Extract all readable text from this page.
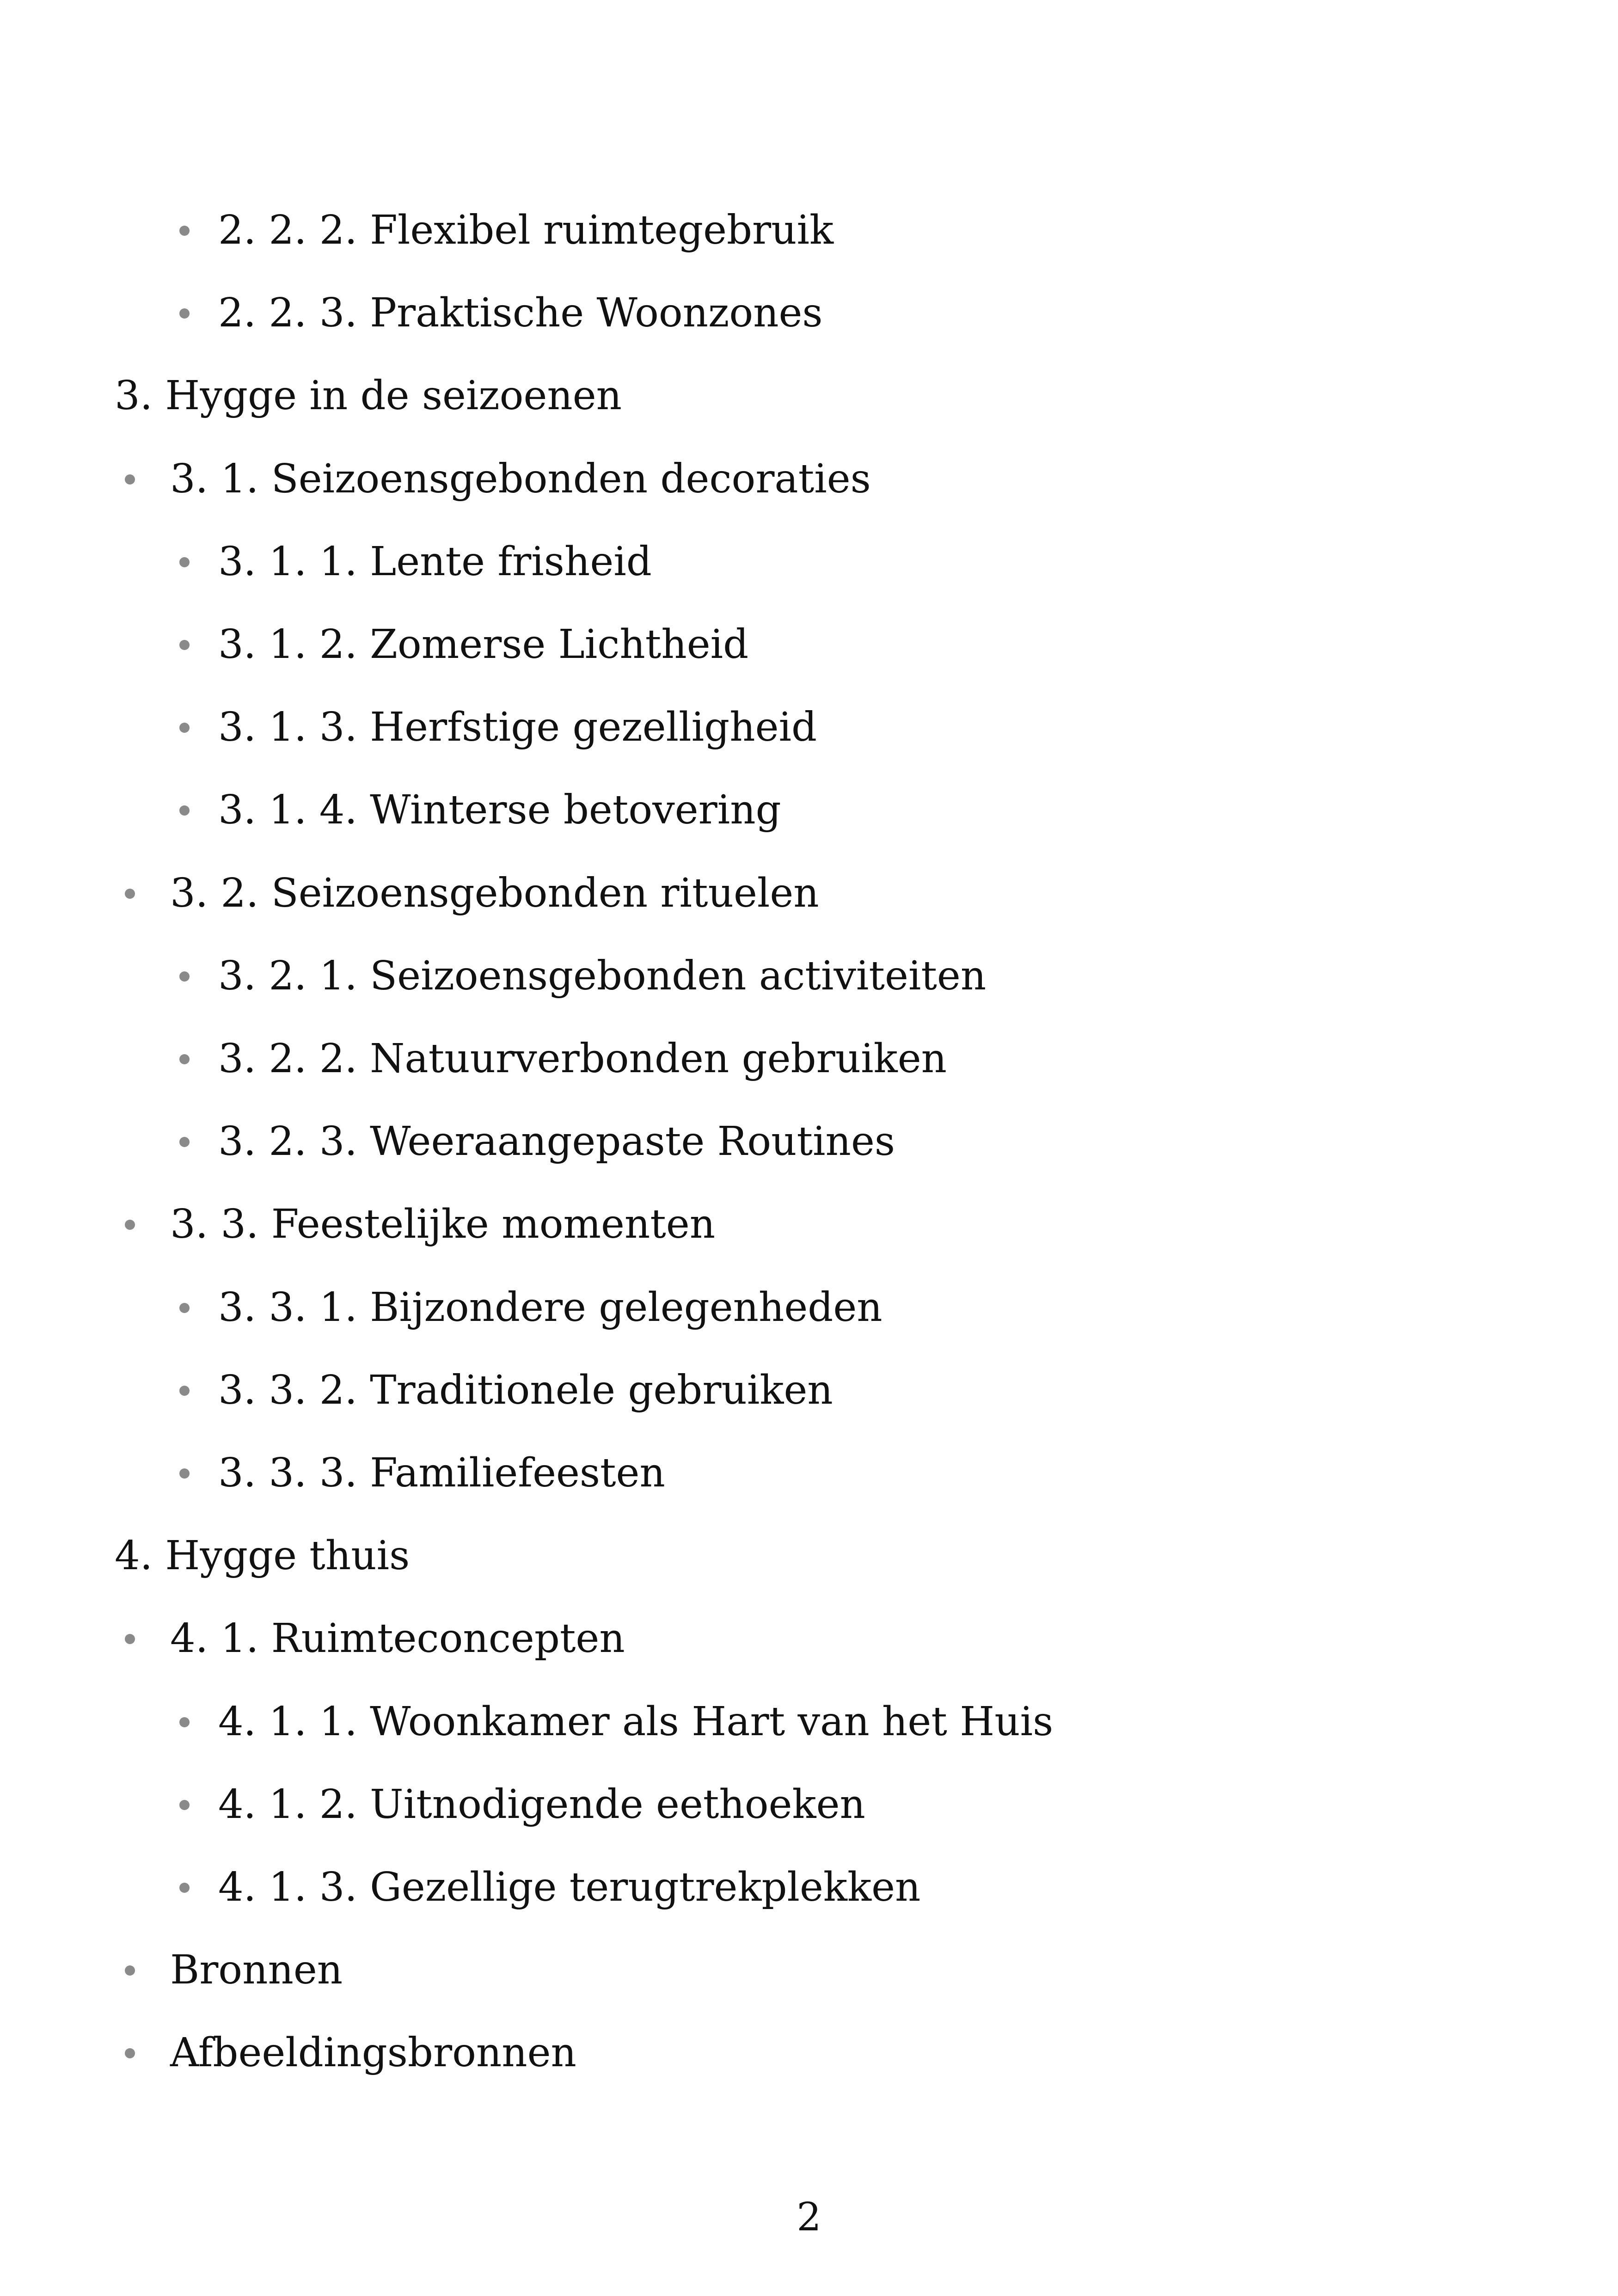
2. 2. 2. Flexibel ruimtegebruik
2. 2. 3. Praktische Woonzones
3. Hygge in de seizoenen
3. 1. Seizoensgebonden decoraties
3. 1. 1. Lente frisheid
3. 1. 2. Zomerse Lichtheid
3. 1. 3. Herfstige gezelligheid
3. 1. 4. Winterse betovering
3. 2. Seizoensgebonden rituelen
3. 2. 1. Seizoensgebonden activiteiten
3. 2. 2. Natuurverbonden gebruiken
3. 2. 3. Weeraangepaste Routines
3. 3. Feestelijke momenten
3. 3. 1. Bijzondere gelegenheden
3. 3. 2. Traditionele gebruiken
3. 3. 3. Familiefeesten
4. Hygge thuis
4. 1. Ruimteconcepten
4. 1. 1. Woonkamer als Hart van het Huis
4. 1. 2. Uitnodigende eethoeken
4. 1. 3. Gezellige terugtrekplekken
Bronnen
Afbeeldingsbronnen
2
